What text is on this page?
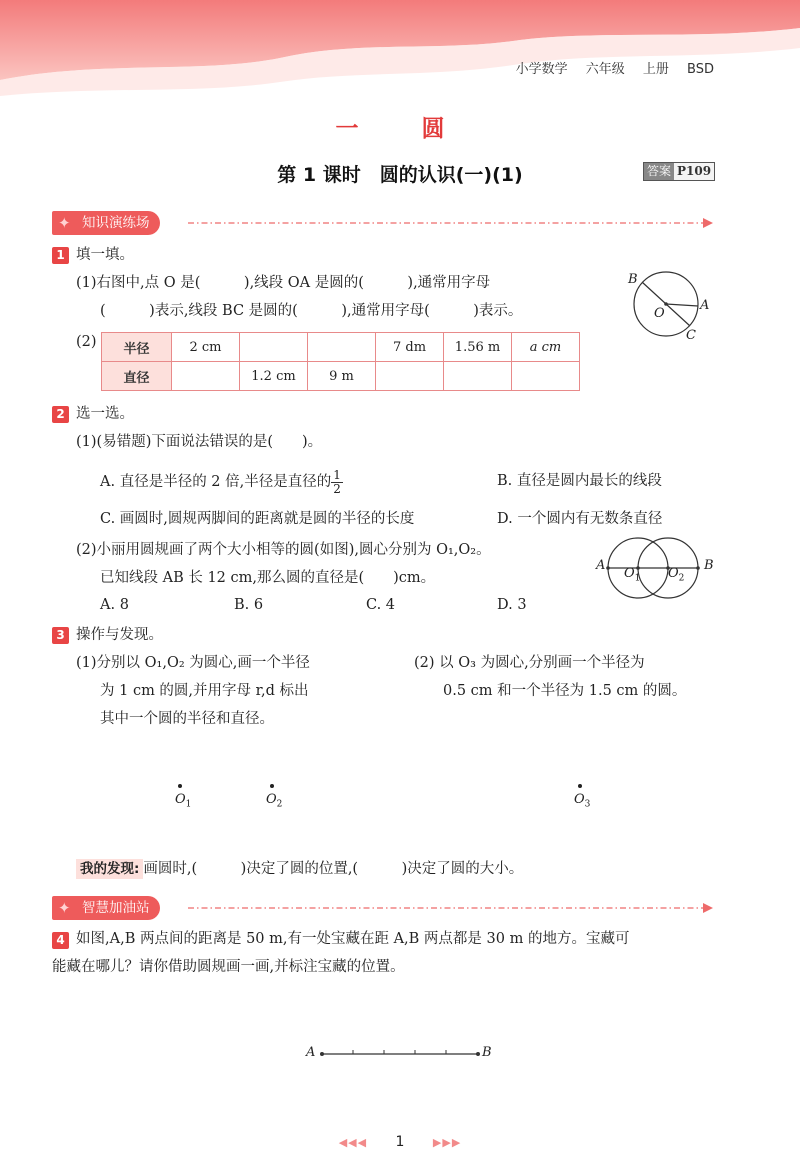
小学数学 六年级 上册 BSD
一　圆
第 1 课时　圆的认识(一)(1)	答案 P109
✦ 知识演练场
1 填一填。
(1)右图中,点 O 是(　　　),线段 OA 是圆的(　　　),通常用字母
(　　　)表示,线段 BC 是圆的(　　　),通常用字母(　　　)表示。
B
A
O
C
(2) 半径	2 cm			7 dm	1.56 m	a cm
直径		1.2 cm	9 m			
2 选一选。
(1)(易错题)下面说法错误的是(　　)。
A. 直径是半径的 2 倍,半径是直径的 $\frac{1}{2}$	B. 直径是圆内最长的线段
C. 画圆时,圆规两脚间的距离就是圆的半径的长度	D. 一个圆内有无数条直径
(2)小丽用圆规画了两个大小相等的圆(如图),圆心分别为 O₁,O₂。
已知线段 AB 长 12 cm,那么圆的直径是(　　)cm。
A. 8	B. 6	C. 4	D. 3
A
$O_1$ $O_2$
B
3 操作与发现。
(1)分别以 O₁,O₂ 为圆心,画一个半径
为 1 cm 的圆,并用字母 r,d 标出
其中一个圆的半径和直径。
(2) 以 O₃ 为圆心,分别画一个半径为
0.5 cm 和一个半径为 1.5 cm 的圆。
$O_1$	$O_2$	$O_3$
我的发现: 画圆时,(　　　)决定了圆的位置,(　　　)决定了圆的大小。
✦ 智慧加油站
4 如图,A,B 两点间的距离是 50 m,有一处宝藏在距 A,B 两点都是 30 m 的地方。宝藏可
能藏在哪儿？请你借助圆规画一画,并标注宝藏的位置。
A	B
◀◀◀ 1	▶▶▶
